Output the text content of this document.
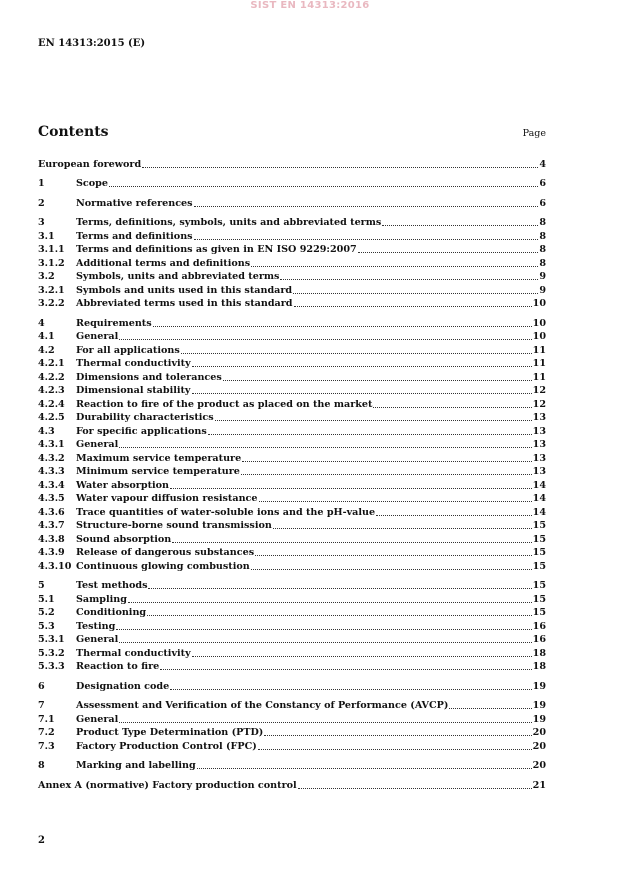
SIST EN 14313:2016
EN 14313:2015 (E)
Contents	Page
European foreword	4
1	Scope	6
2	Normative references	6
3	Terms, definitions, symbols, units and abbreviated terms	8
3.1	Terms and definitions	8
3.1.1	Terms and definitions as given in EN ISO 9229:2007	8
3.1.2	Additional terms and definitions	8
3.2	Symbols, units and abbreviated terms	9
3.2.1	Symbols and units used in this standard	9
3.2.2	Abbreviated terms used in this standard	10
4	Requirements	10
4.1	General	10
4.2	For all applications	11
4.2.1	Thermal conductivity	11
4.2.2	Dimensions and tolerances	11
4.2.3	Dimensional stability	12
4.2.4	Reaction to fire of the product as placed on the market	12
4.2.5	Durability characteristics	13
4.3	For specific applications	13
4.3.1	General	13
4.3.2	Maximum service temperature	13
4.3.3	Minimum service temperature	13
4.3.4	Water absorption	14
4.3.5	Water vapour diffusion resistance	14
4.3.6	Trace quantities of water-soluble ions and the pH-value	14
4.3.7	Structure-borne sound transmission	15
4.3.8	Sound absorption	15
4.3.9	Release of dangerous substances	15
4.3.10 Continuous glowing combustion	15
5	Test methods	15
5.1	Sampling	15
5.2	Conditioning	15
5.3	Testing	16
5.3.1	General	16
5.3.2	Thermal conductivity	18
5.3.3	Reaction to fire	18
6	Designation code	19
7	Assessment and Verification of the Constancy of Performance (AVCP)	19
7.1	General	19
7.2	Product Type Determination (PTD)	20
7.3	Factory Production Control (FPC)	20
8	Marking and labelling	20
Annex A (normative) Factory production control	21
2
